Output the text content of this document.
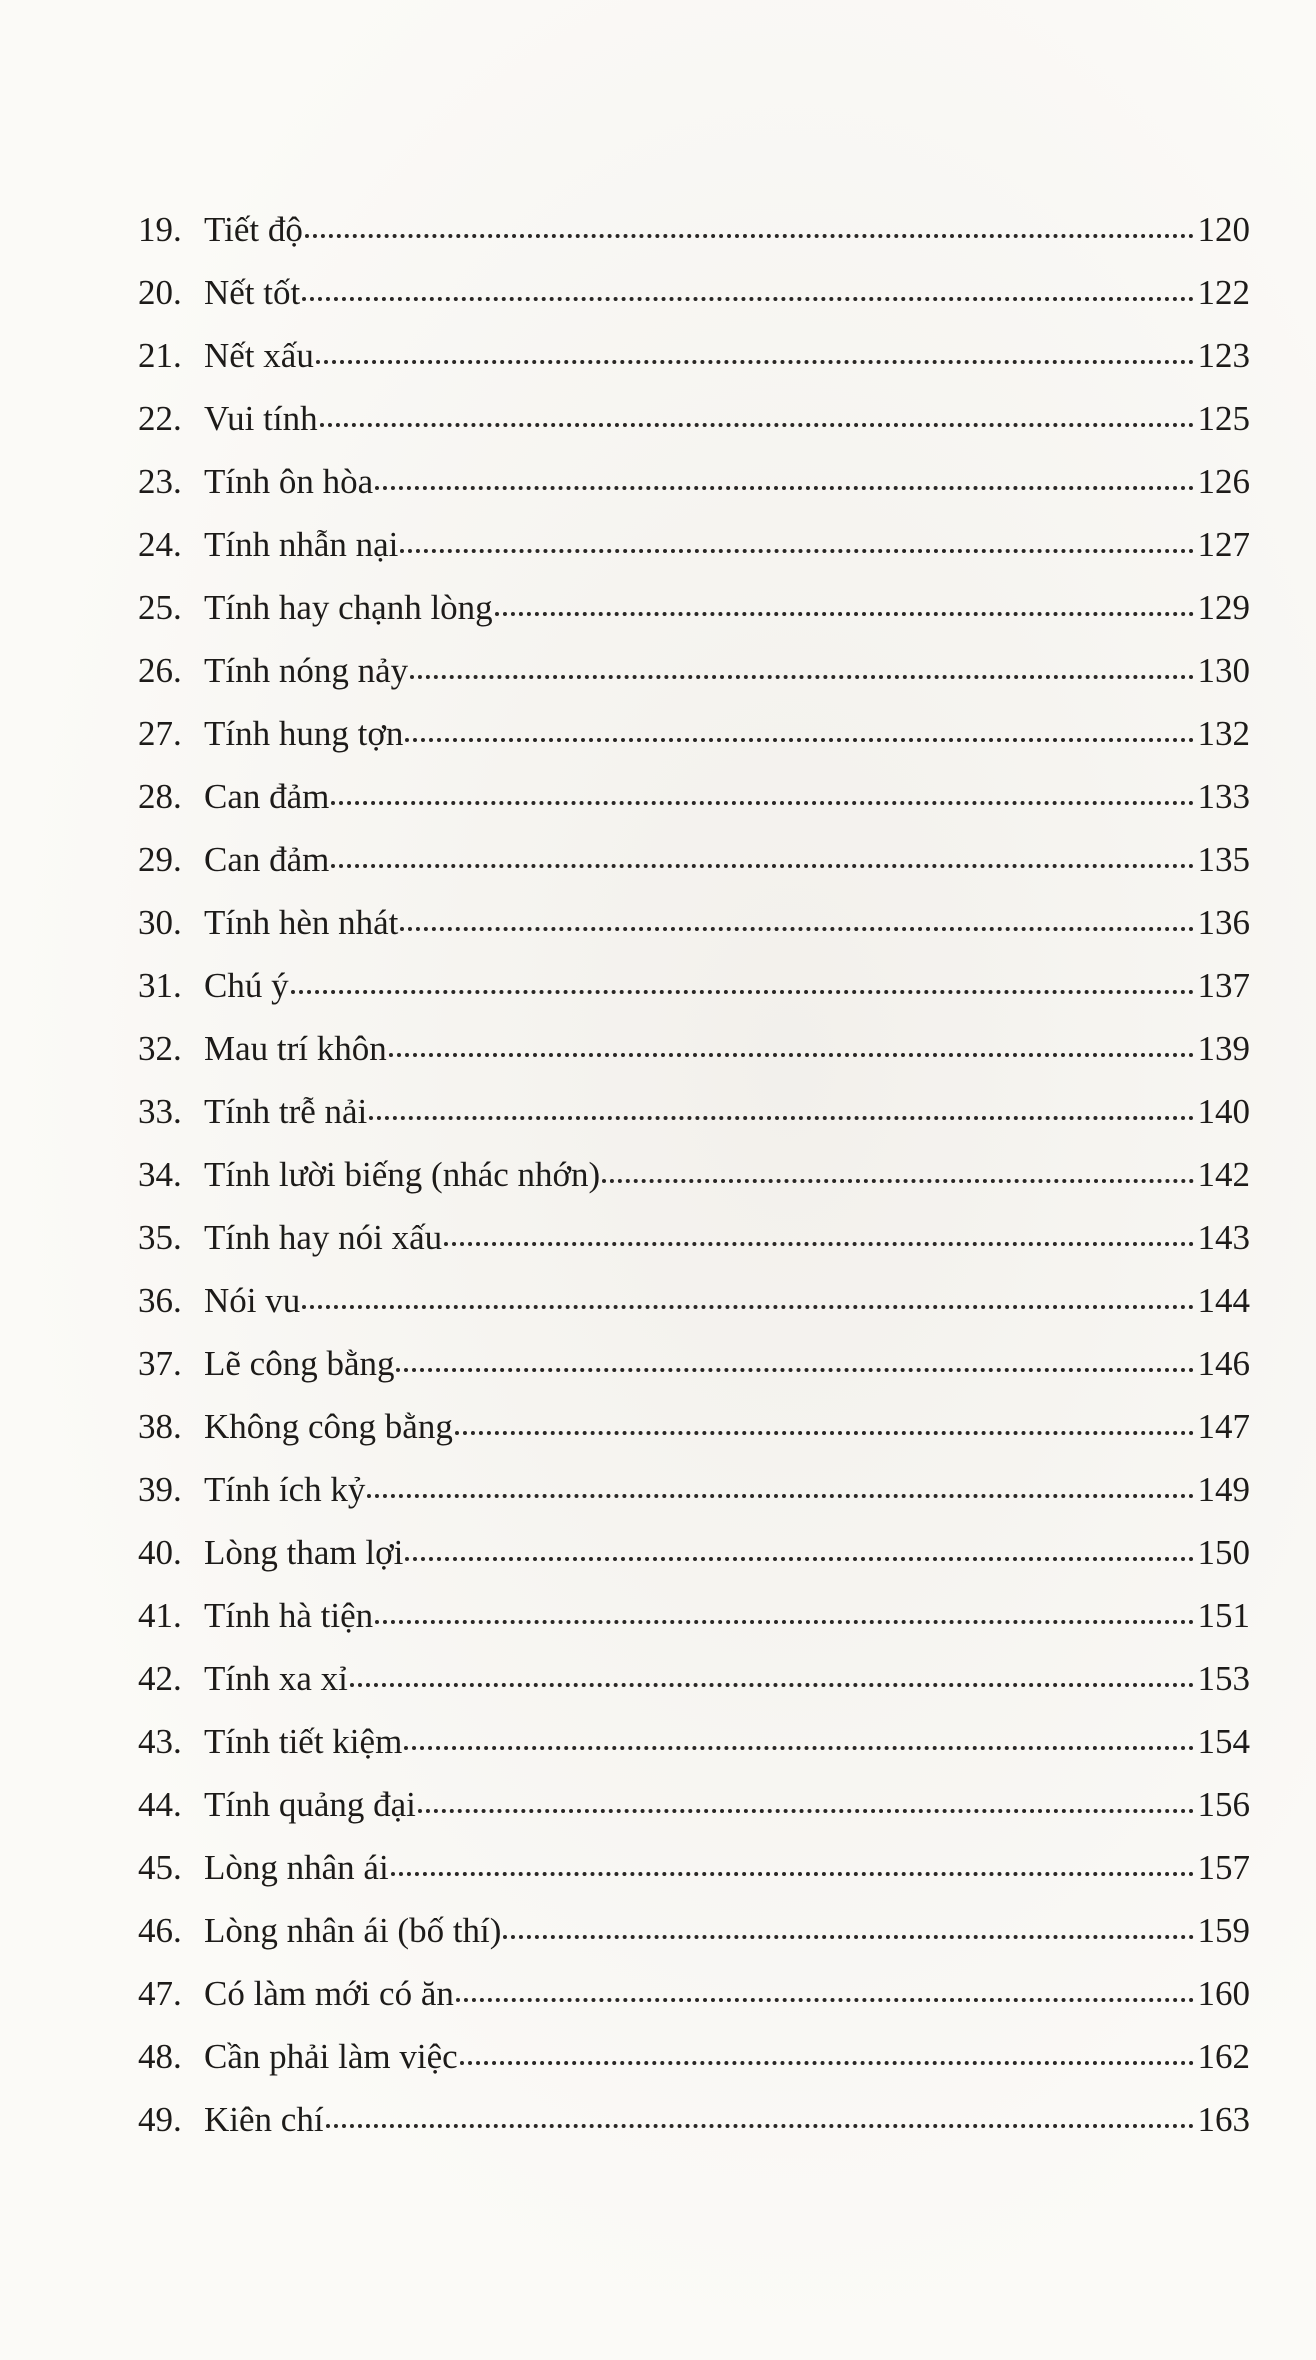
19. Tiết độ	120
20. Nết tốt	122
21. Nết xấu	123
22. Vui tính	125
23. Tính ôn hòa	126
24. Tính nhẫn nại	127
25. Tính hay chạnh lòng	129
26. Tính nóng nảy	130
27. Tính hung tợn	132
28. Can đảm	133
29. Can đảm	135
30. Tính hèn nhát	136
31. Chú ý	137
32. Mau trí khôn	139
33. Tính trễ nải	140
34. Tính lười biếng (nhác nhớn)	142
35. Tính hay nói xấu	143
36. Nói vu	144
37. Lẽ công bằng	146
38. Không công bằng	147
39. Tính ích kỷ	149
40. Lòng tham lợi	150
41. Tính hà tiện	151
42. Tính xa xỉ	153
43. Tính tiết kiệm	154
44. Tính quảng đại	156
45. Lòng nhân ái	157
46. Lòng nhân ái (bố thí)	159
47. Có làm mới có ăn	160
48. Cần phải làm việc	162
49. Kiên chí	163
